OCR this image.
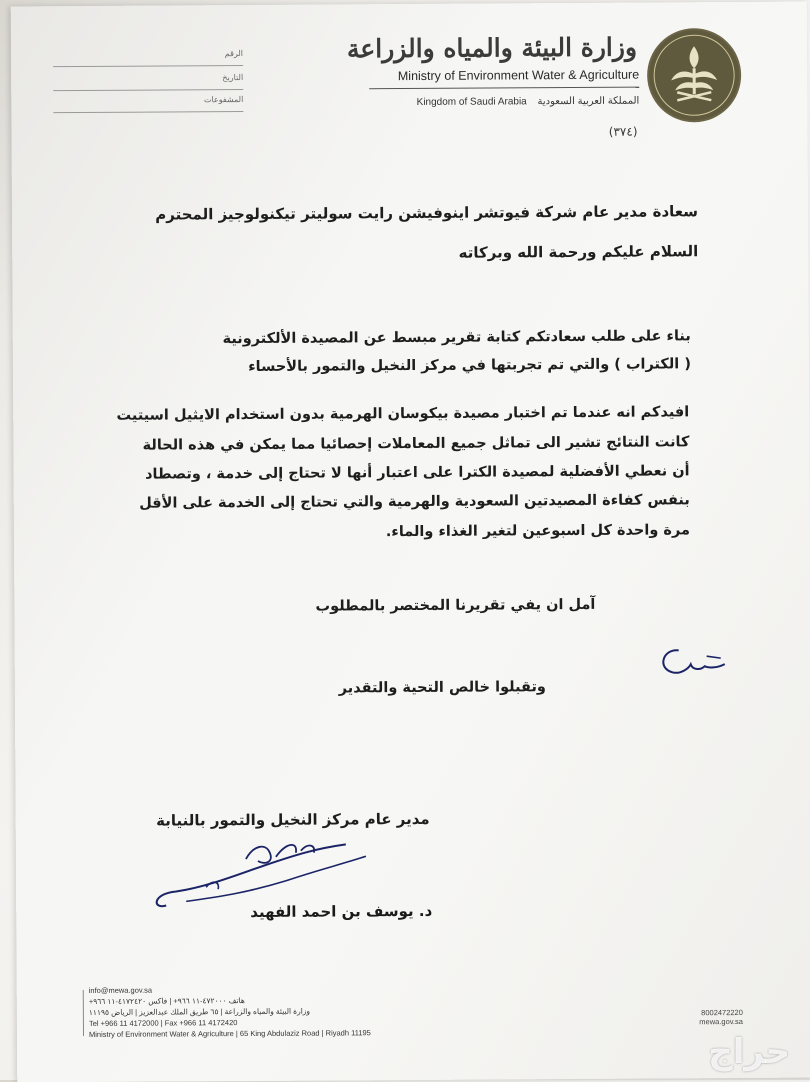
الرقم
التاريخ
المشفوعات
وزارة البيئة والمياه والزراعة
Ministry of Environment Water & Agriculture
Kingdom of Saudi Arabia المملكة العربية السعودية
(٣٧٤)
سعادة مدير عام شركة فيوتشر اينوفيشن رايت سوليتر تيكنولوجيز المحترم
السلام عليكم ورحمة الله وبركاته
بناء على طلب سعادتكم كتابة تقرير مبسط عن المصيدة الألكترونية
( الكتراب ) والتي تم تجربتها في مركز النخيل والتمور بالأحساء
افيدكم انه عندما تم اختبار مصيدة بيكوسان الهرمية بدون استخدام الايثيل اسيتيت
كانت النتائج تشير الى تماثل جميع المعاملات إحصائيا مما يمكن في هذه الحالة
أن نعطي الأفضلية لمصيدة الكترا على اعتبار أنها لا تحتاج إلى خدمة ، وتصطاد
بنفس كفاءة المصيدتين السعودية والهرمية والتي تحتاج إلى الخدمة على الأقل
مرة واحدة كل اسبوعين لتغير الغذاء والماء.
آمل ان يفي تقريرنا المختصر بالمطلوب
وتقبلوا خالص التحية والتقدير
مدير عام مركز النخيل والتمور بالنيابة
د. يوسف بن احمد الفهيد
info@mewa.gov.sa
هاتف ٤٧٢٠٠٠-١١ ٩٦٦+ | فاكس ٤١٧٢٤٢٠-١١ ٩٦٦+
وزارة البيئة والمياه والزراعة | ٦٥ طريق الملك عبدالعزيز | الرياض ١١١٩٥
Tel +966 11 4172000 | Fax +966 11 4172420
Ministry of Environment Water & Agriculture | 65 King Abdulaziz Road | Riyadh 11195
8002472220
mewa.gov.sa
حراج
